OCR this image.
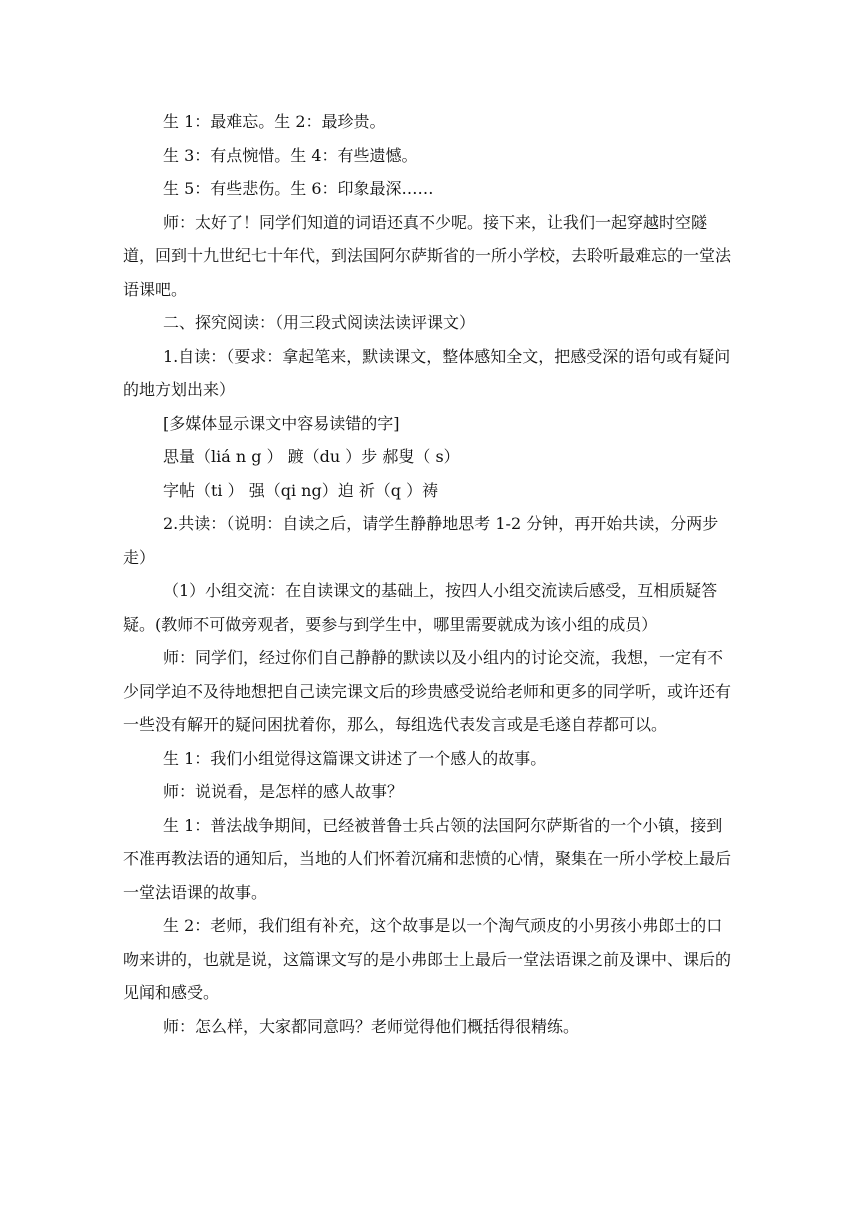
生 1：最难忘。生 2：最珍贵。

生 3：有点惋惜。生 4：有些遗憾。

生 5：有些悲伤。生 6：印象最深……

师：太好了！同学们知道的词语还真不少呢。接下来，让我们一起穿越时空隧道，回到十九世纪七十年代，到法国阿尔萨斯省的一所小学校，去聆听最难忘的一堂法语课吧。

二、探究阅读：（用三段式阅读法读评课文）

1.自读：（要求：拿起笔来，默读课文，整体感知全文，把感受深的语句或有疑问的地方划出来）

[多媒体显示课文中容易读错的字]

思量（liá n g ） 踱（du ）步 郝叟（ s）

字帖（ti ） 强（qi ng）迫 祈（q ）祷

2.共读：（说明：自读之后，请学生静静地思考 1-2 分钟，再开始共读，分两步走）

（1）小组交流：在自读课文的基础上，按四人小组交流读后感受，互相质疑答疑。(教师不可做旁观者，要参与到学生中，哪里需要就成为该小组的成员）

师：同学们，经过你们自己静静的默读以及小组内的讨论交流，我想，一定有不少同学迫不及待地想把自己读完课文后的珍贵感受说给老师和更多的同学听，或许还有一些没有解开的疑问困扰着你，那么，每组选代表发言或是毛遂自荐都可以。

生 1：我们小组觉得这篇课文讲述了一个感人的故事。

师：说说看，是怎样的感人故事？

生 1：普法战争期间，已经被普鲁士兵占领的法国阿尔萨斯省的一个小镇，接到不准再教法语的通知后，当地的人们怀着沉痛和悲愤的心情，聚集在一所小学校上最后一堂法语课的故事。

生 2：老师，我们组有补充，这个故事是以一个淘气顽皮的小男孩小弗郎士的口吻来讲的，也就是说，这篇课文写的是小弗郎士上最后一堂法语课之前及课中、课后的见闻和感受。

师：怎么样，大家都同意吗？老师觉得他们概括得很精练。
